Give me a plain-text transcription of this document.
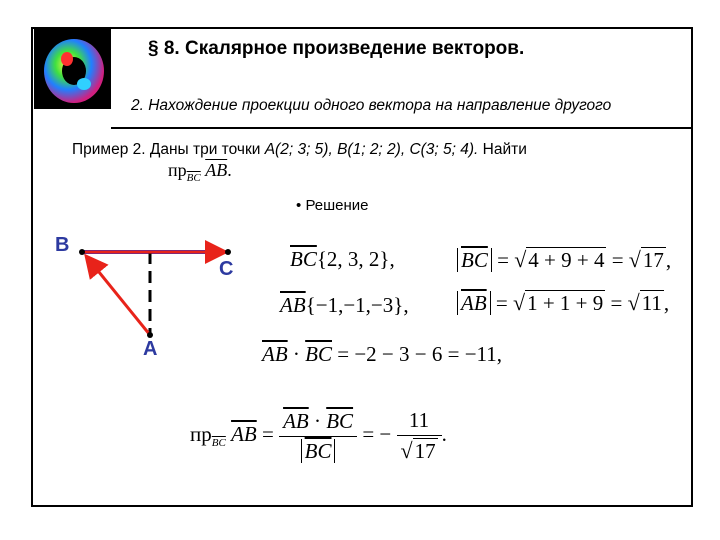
§ 8. Скалярное произведение векторов.
2. Нахождение проекции одного вектора на направление другого
Пример 2. Даны три точки A(2; 3; 5), B(1; 2; 2), C(3; 5; 4). Найти
$пр_{\overline{BC}}$ $\overline{AB}$.
• Решение
B
C
A
$\overline{BC}\{2$, 3, 2},	$\overline{BC} = √4 + 9 + 4 = √17$,
$\overline{AB}\{-1,-1,-3\}$, $\overline{AB} = √1 + 1 + 9 = √11$,
$\overline{AB} \cdot \overline{BC} = -2 - 3 - 6 = -11$,
$пр_{\overline{BC}}$ $\overline{AB} = \frac{\overline{AB} \cdot \overline{BC}}{BC}$ = − $\frac{11}{√17}$ .
